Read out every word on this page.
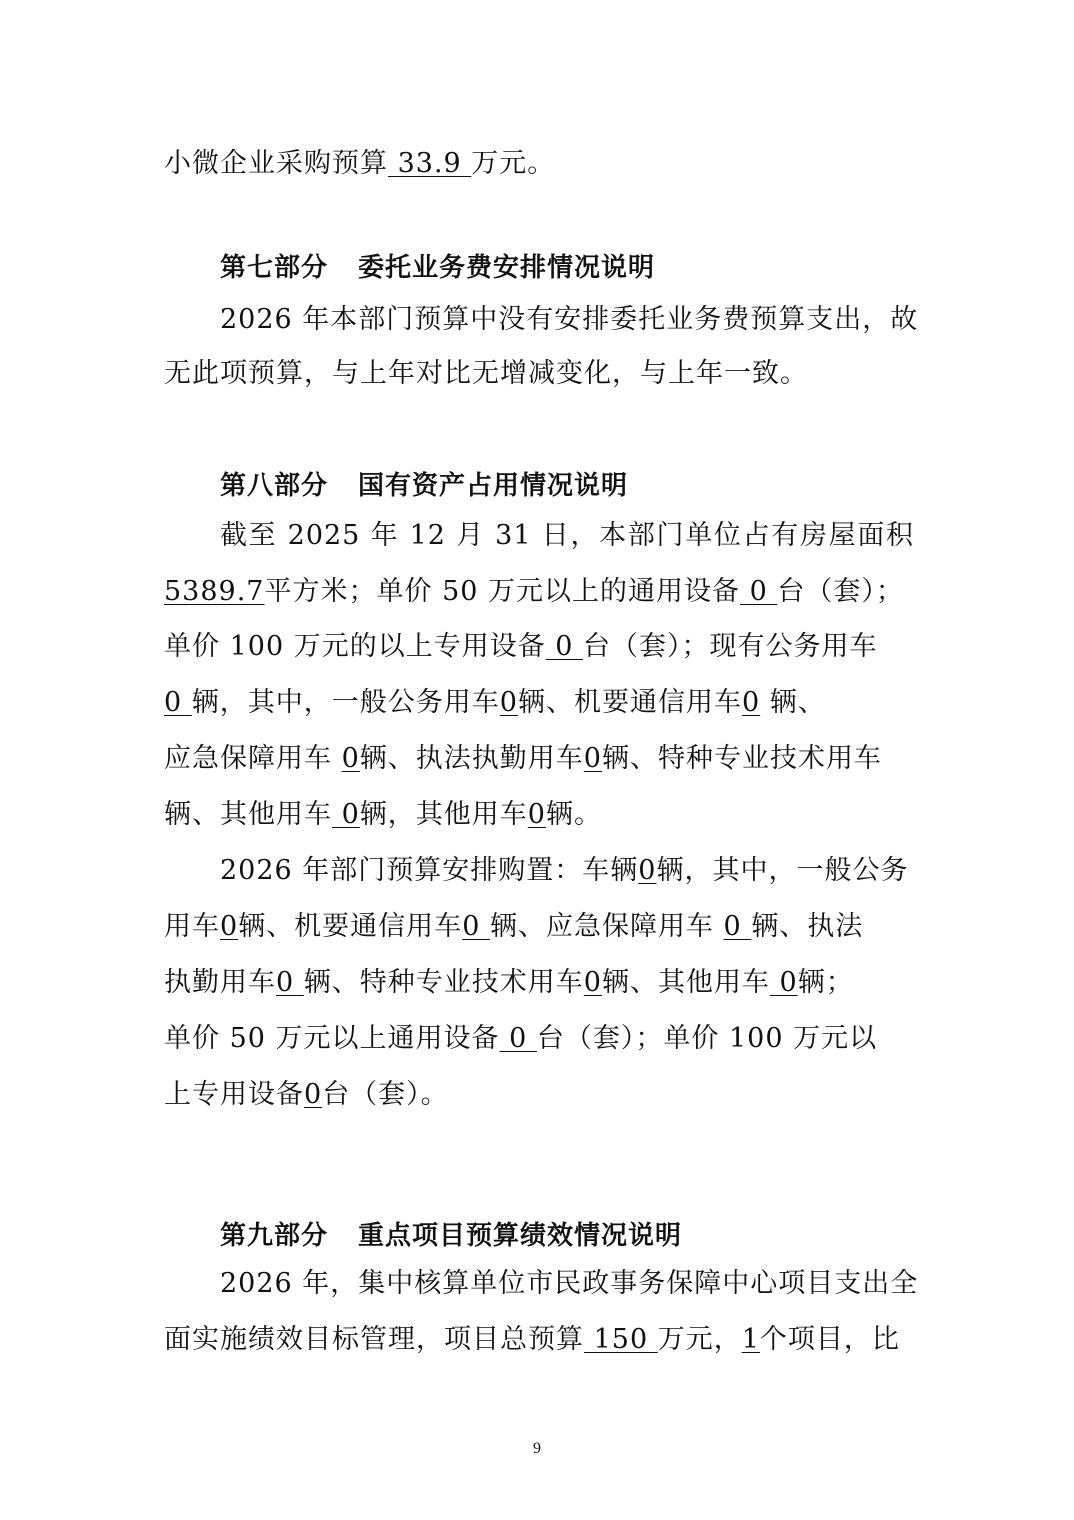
小微企业采购预算 33.9 万元。
第七部分 委托业务费安排情况说明
2026 年本部门预算中没有安排委托业务费预算支出，故
无此项预算，与上年对比无增减变化，与上年一致。
第八部分 国有资产占用情况说明
截至 2025 年 12 月 31 日，本部门单位占有房屋面积
5389.7平方米；单价 50 万元以上的通用设备 0 台（套）；
单价 100 万元的以上专用设备 0 台（套）；现有公务用车
0 辆，其中，一般公务用车0辆、机要通信用车0 辆、
应急保障用车 0辆、执法执勤用车0辆、特种专业技术用车
辆、其他用车 0辆，其他用车0辆。
2026 年部门预算安排购置：车辆0辆，其中，一般公务
用车0辆、机要通信用车0 辆、应急保障用车 0 辆、执法
执勤用车0 辆、特种专业技术用车0辆、其他用车 0辆；
单价 50 万元以上通用设备 0 台（套）；单价 100 万元以
上专用设备0台（套）。
第九部分 重点项目预算绩效情况说明
2026 年，集中核算单位市民政事务保障中心项目支出全
面实施绩效目标管理，项目总预算 150 万元，1个项目，比
9
